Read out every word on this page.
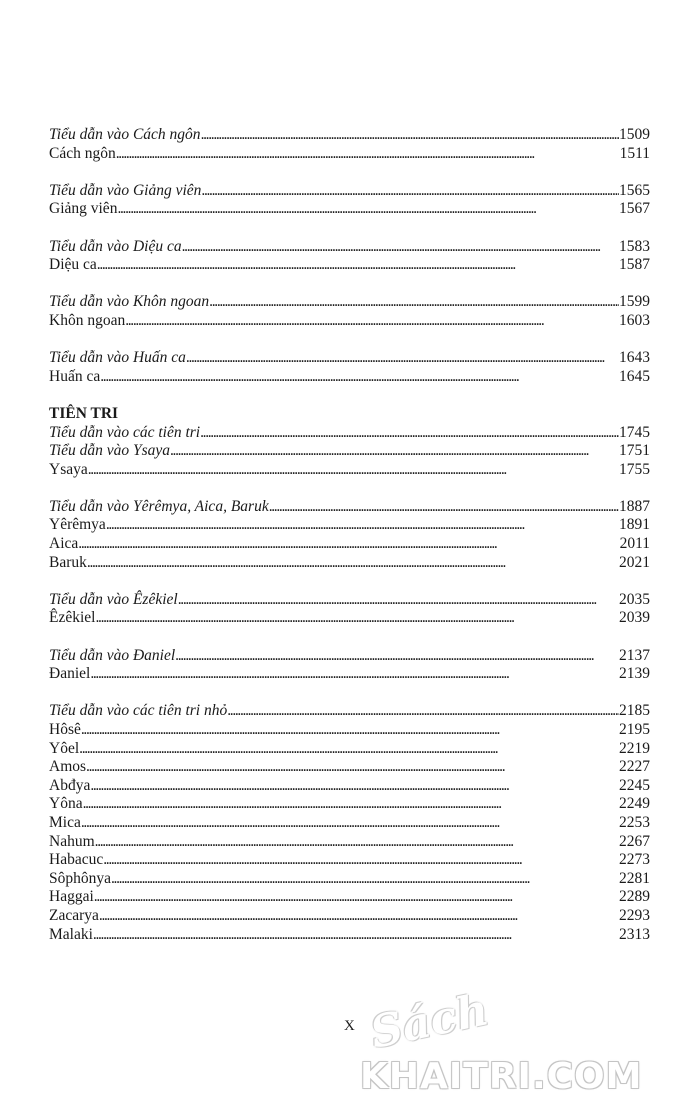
Tiểu dẫn vào Cách ngôn . . .	1509
Cách ngôn . . .	1511
Tiểu dẫn vào Giảng viên . . .	1565
Giảng viên . . .	1567
Tiểu dẫn vào Diệu ca . . .	1583
Diệu ca . . .	1587
Tiểu dẫn vào Khôn ngoan . . .	1599
Khôn ngoan . . .	1603
Tiểu dẫn vào Huấn ca . . .	1643
Huấn ca . . .	1645
TIÊN TRI
Tiểu dẫn vào các tiên tri . . .	1745
Tiểu dẫn vào Ysaya . . .	1751
Ysaya . . .	1755
Tiểu dẫn vào Yêrêmya, Aica, Baruk . . .	1887
Yêrêmya . . .	1891
Aica . . .	2011
Baruk . . .	2021
Tiểu dẫn vào Êzêkiel . . .	2035
Êzêkiel . . .	2039
Tiểu dẫn vào Đaniel . . .	2137
Đaniel . . .	2139
Tiểu dẫn vào các tiên tri nhỏ . . .	2185
Hôsê . . .	2195
Yôel . . .	2219
Amos . . .	2227
Abđya . . .	2245
Yôna . . .	2249
Mica . . .	2253
Nahum . . .	2267
Habacuc . . .	2273
Sôphônya . . .	2281
Haggai . . .	2289
Zacarya . . .	2293
Malaki . . .	2313
X Sách
KHAITRI.COM
